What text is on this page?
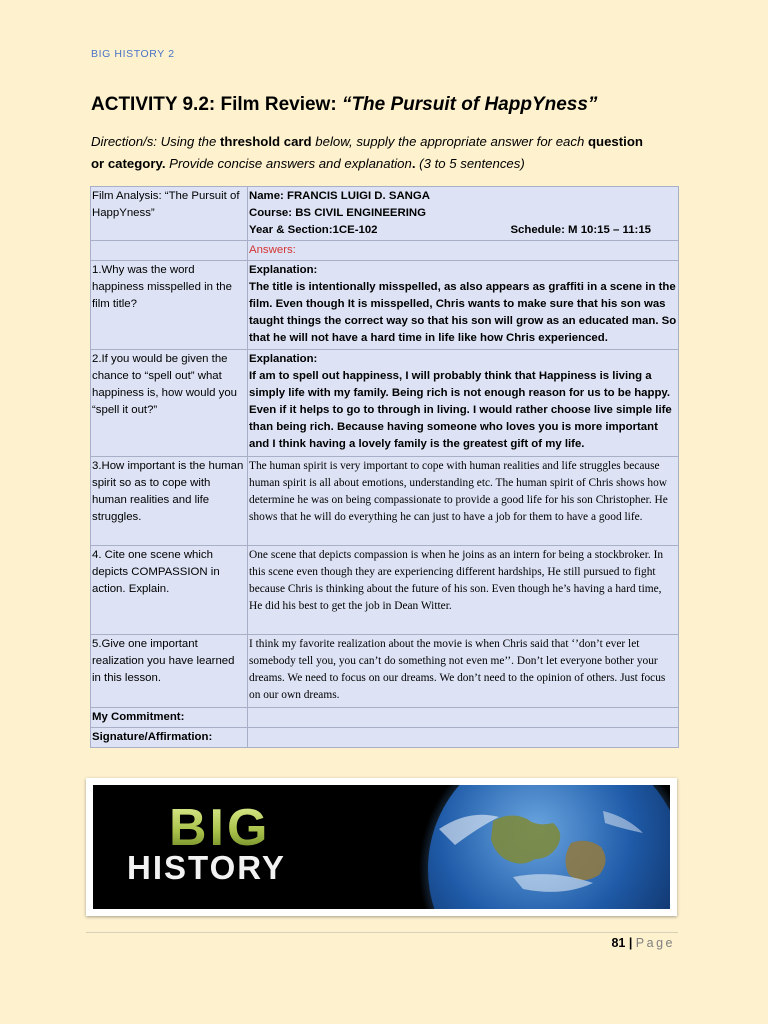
BIG HISTORY 2
ACTIVITY 9.2: Film Review: “The Pursuit of HappYness”
Direction/s: Using the threshold card below, supply the appropriate answer for each question
or category. Provide concise answers and explanation. (3 to 5 sentences)
Film Analysis: “The Pursuit of HappYness”	Name: FRANCIS LUIGI D. SANGA
Course: BS CIVIL ENGINEERING
Year & Section:1CE-102 Schedule: M 10:15 – 11:15

	Answers:
1.Why was the word happiness misspelled in the film title?	Explanation:
The title is intentionally misspelled, as also appears as graffiti in a scene in the film. Even though It is misspelled, Chris wants to make sure that his son was taught things the correct way so that his son will grow as an educated man. So that he will not have a hard time in life like how Chris experienced.

2.If you would be given the chance to “spell out” what happiness is, how would you “spell it out?”	Explanation:
If am to spell out happiness, I will probably think that Happiness is living a simply life with my family. Being rich is not enough reason for us to be happy. Even if it helps to go to through in living. I would rather choose live simple life than being rich. Because having someone who loves you is more important and I think having a lovely family is the greatest gift of my life.

3.How important is the human spirit so as to cope with human realities and life struggles.	The human spirit is very important to cope with human realities and life struggles because human spirit is all about emotions, understanding etc. The human spirit of Chris shows how determine he was on being compassionate to provide a good life for his son Christopher. He shows that he will do everything he can just to have a job for them to have a good life.
4. Cite one scene which depicts COMPASSION in action. Explain.	One scene that depicts compassion is when he joins as an intern for being a stockbroker. In this scene even though they are experiencing different hardships, He still pursued to fight because Chris is thinking about the future of his son. Even though he’s having a hard time, He did his best to get the job in Dean Witter.
5.Give one important realization you have learned in this lesson.	I think my favorite realization about the movie is when Chris said that ‘’don’t ever let somebody tell you, you can’t do something not even me’’. Don’t let everyone bother your dreams. We need to focus on our dreams. We don’t need to the opinion of others. Just focus on our own dreams.
My Commitment:	
Signature/Affirmation:	
BIG
HISTORY
81 | Page
